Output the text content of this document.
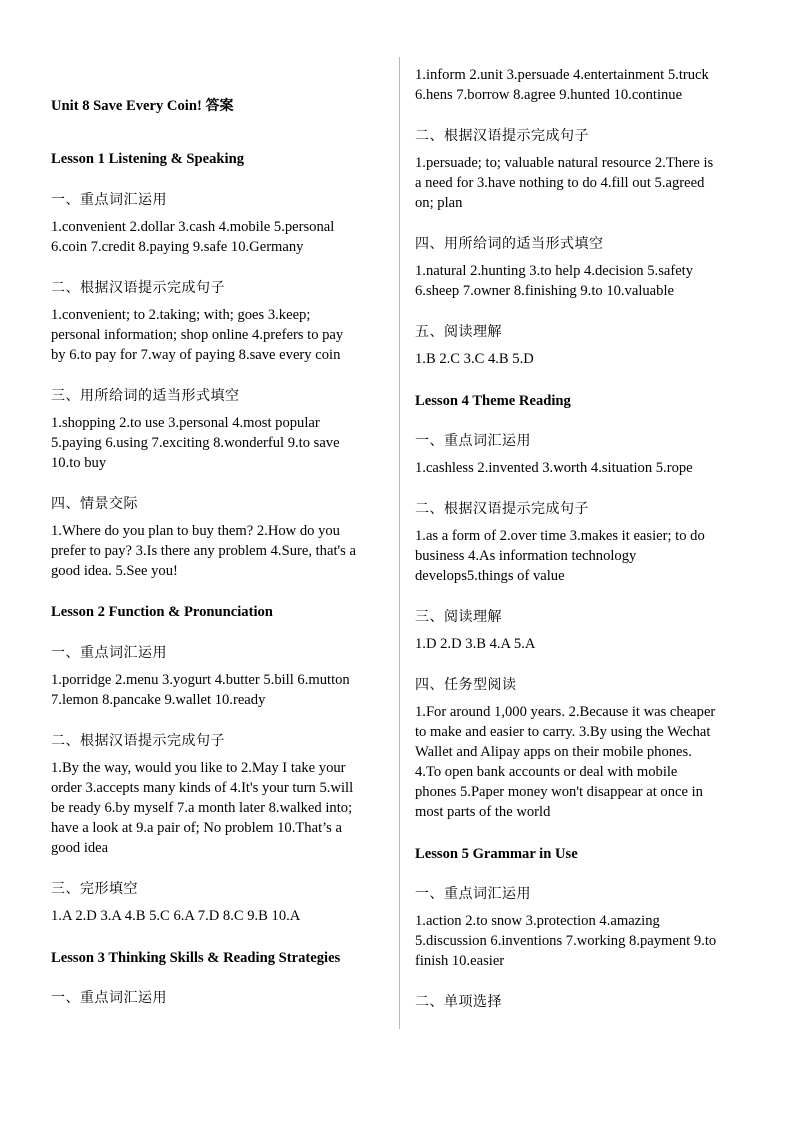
Unit 8 Save Every Coin! 答案
Lesson 1 Listening & Speaking
一、重点词汇运用
1.convenient 2.dollar 3.cash 4.mobile 5.personal
6.coin 7.credit 8.paying 9.safe 10.Germany
二、根据汉语提示完成句子
1.convenient; to 2.taking; with; goes 3.keep;
personal information; shop online 4.prefers to pay
by 6.to pay for 7.way of paying 8.save every coin
三、用所给词的适当形式填空
1.shopping 2.to use 3.personal 4.most popular
5.paying 6.using 7.exciting 8.wonderful 9.to save
10.to buy
四、情景交际
1.Where do you plan to buy them? 2.How do you
prefer to pay? 3.Is there any problem 4.Sure, that's a
good idea. 5.See you!
Lesson 2 Function & Pronunciation
一、重点词汇运用
1.porridge 2.menu 3.yogurt 4.butter 5.bill 6.mutton
7.lemon 8.pancake 9.wallet 10.ready
二、根据汉语提示完成句子
1.By the way, would you like to 2.May I take your
order 3.accepts many kinds of 4.It's your turn 5.will
be ready 6.by myself 7.a month later 8.walked into;
have a look at 9.a pair of; No problem 10.That’s a
good idea
三、完形填空
1.A 2.D 3.A 4.B 5.C 6.A 7.D 8.C 9.B 10.A
Lesson 3 Thinking Skills & Reading Strategies
一、重点词汇运用
1.inform 2.unit 3.persuade 4.entertainment 5.truck
6.hens 7.borrow 8.agree 9.hunted 10.continue
二、根据汉语提示完成句子
1.persuade; to; valuable natural resource 2.There is
a need for 3.have nothing to do 4.fill out 5.agreed
on; plan
四、用所给词的适当形式填空
1.natural 2.hunting 3.to help 4.decision 5.safety
6.sheep 7.owner 8.finishing 9.to 10.valuable
五、阅读理解
1.B 2.C 3.C 4.B 5.D
Lesson 4 Theme Reading
一、重点词汇运用
1.cashless 2.invented 3.worth 4.situation 5.rope
二、根据汉语提示完成句子
1.as a form of 2.over time 3.makes it easier; to do
business 4.As information technology
develops5.things of value
三、阅读理解
1.D 2.D 3.B 4.A 5.A
四、任务型阅读
1.For around 1,000 years. 2.Because it was cheaper
to make and easier to carry. 3.By using the Wechat
Wallet and Alipay apps on their mobile phones.
4.To open bank accounts or deal with mobile
phones 5.Paper money won't disappear at once in
most parts of the world
Lesson 5 Grammar in Use
一、重点词汇运用
1.action 2.to snow 3.protection 4.amazing
5.discussion 6.inventions 7.working 8.payment 9.to
finish 10.easier
二、单项选择
